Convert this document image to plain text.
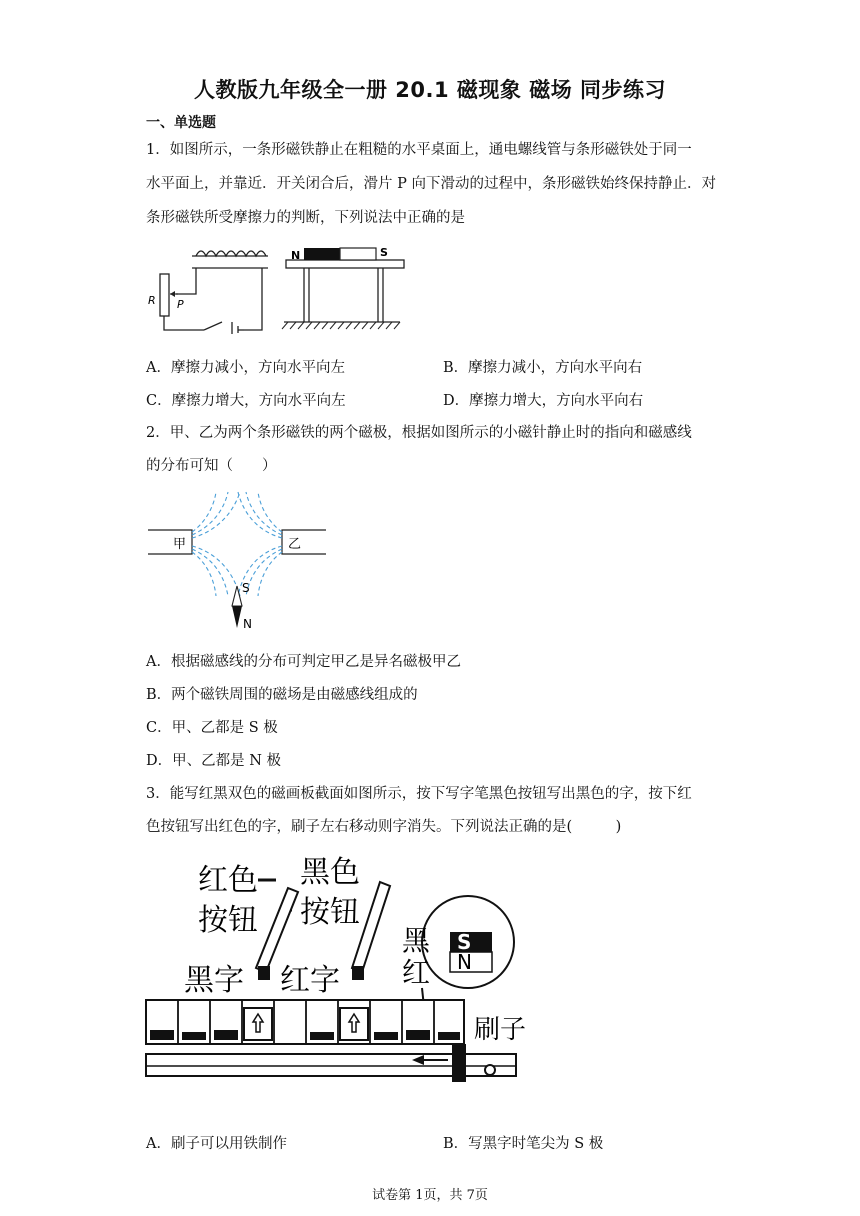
人教版九年级全一册 20.1 磁现象 磁场 同步练习
一、单选题
1．如图所示，一条形磁铁静止在粗糙的水平桌面上，通电螺线管与条形磁铁处于同一
水平面上，并靠近．开关闭合后，滑片 P 向下滑动的过程中，条形磁铁始终保持静止．对
条形磁铁所受摩擦力的判断，下列说法中正确的是
R P
N	S
A．摩擦力减小，方向水平向左	B．摩擦力减小，方向水平向右
C．摩擦力增大，方向水平向左	D．摩擦力增大，方向水平向右
2．甲、乙为两个条形磁铁的两个磁极，根据如图所示的小磁针静止时的指向和磁感线
的分布可知（　　）
甲	乙
S
N
A．根据磁感线的分布可判定甲乙是异名磁极甲乙
B．两个磁铁周围的磁场是由磁感线组成的
C．甲、乙都是 S 极
D．甲、乙都是 N 极
3．能写红黑双色的磁画板截面如图所示，按下写字笔黑色按钮写出黑色的字，按下红
色按钮写出红色的字，刷子左右移动则字消失。下列说法正确的是(　　　)
红色
按钮
黑色
按钮
黑字 红字
S
N
黑
红
刷子
A．刷子可以用铁制作	B．写黑字时笔尖为 S 极
试卷第 1页，共 7页
